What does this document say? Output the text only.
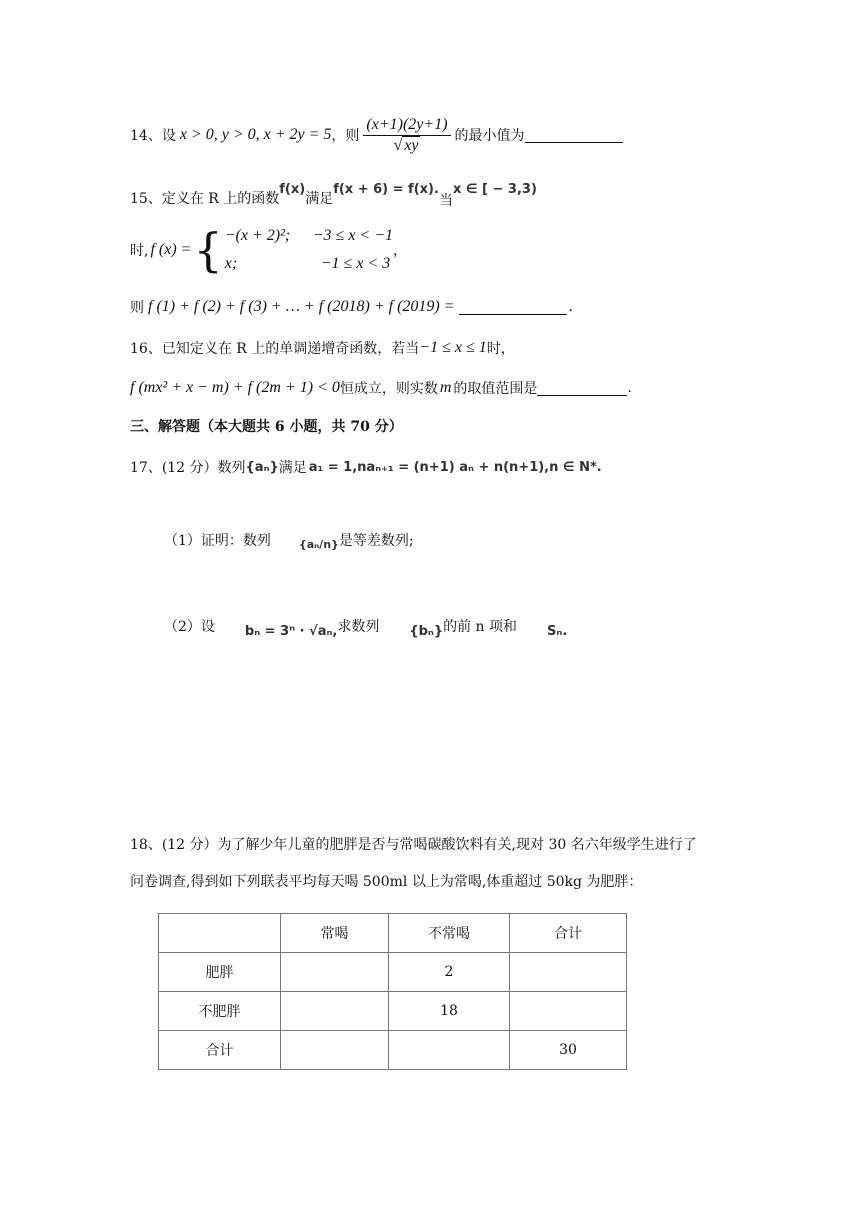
14、设 x > 0, y > 0, x + 2y = 5 ，则 $\frac{(x+1)(2y+1)}{√ xy}$ 的最小值为
15、定义在 R 上的函数
f(x)
满足
f(x + 6) = f(x).
当
x ∈ [ − 3,3)
时, f (x) = { −(x + 2)²;	−3 ≤ x < −1
x;	−1 ≤ x < 3
，
则 f (1) + f (2) + f (3) + … + f (2018) + f (2019) =	.
16、已知定义在 R 上的单调递增奇函数，若当 −1 ≤ x ≤ 1 时，
f (mx² + x − m) + f (2m + 1) < 0 恒成立，则实数 m 的取值范围是	.
三、解答题（本大题共 6 小题，共 70 分）
17、(12 分）数列 {aₙ} 满足 a₁ = 1,naₙ₊₁ = (n+1) aₙ + n(n+1),n ∈ N*.
（1）证明：数列	{aₙ/n} 是等差数列;
（2）设 bₙ = 3ⁿ · √aₙ, 求数列 {bₙ} 的前 n 项和 Sₙ.
18、(12 分）为了解少年儿童的肥胖是否与常喝碳酸饮料有关,现对 30 名六年级学生进行了
问卷调查,得到如下列联表平均每天喝 500ml 以上为常喝,体重超过 50kg 为肥胖：
	常喝	不常喝	合计
肥胖		2	
不肥胖		18	
合计			30
